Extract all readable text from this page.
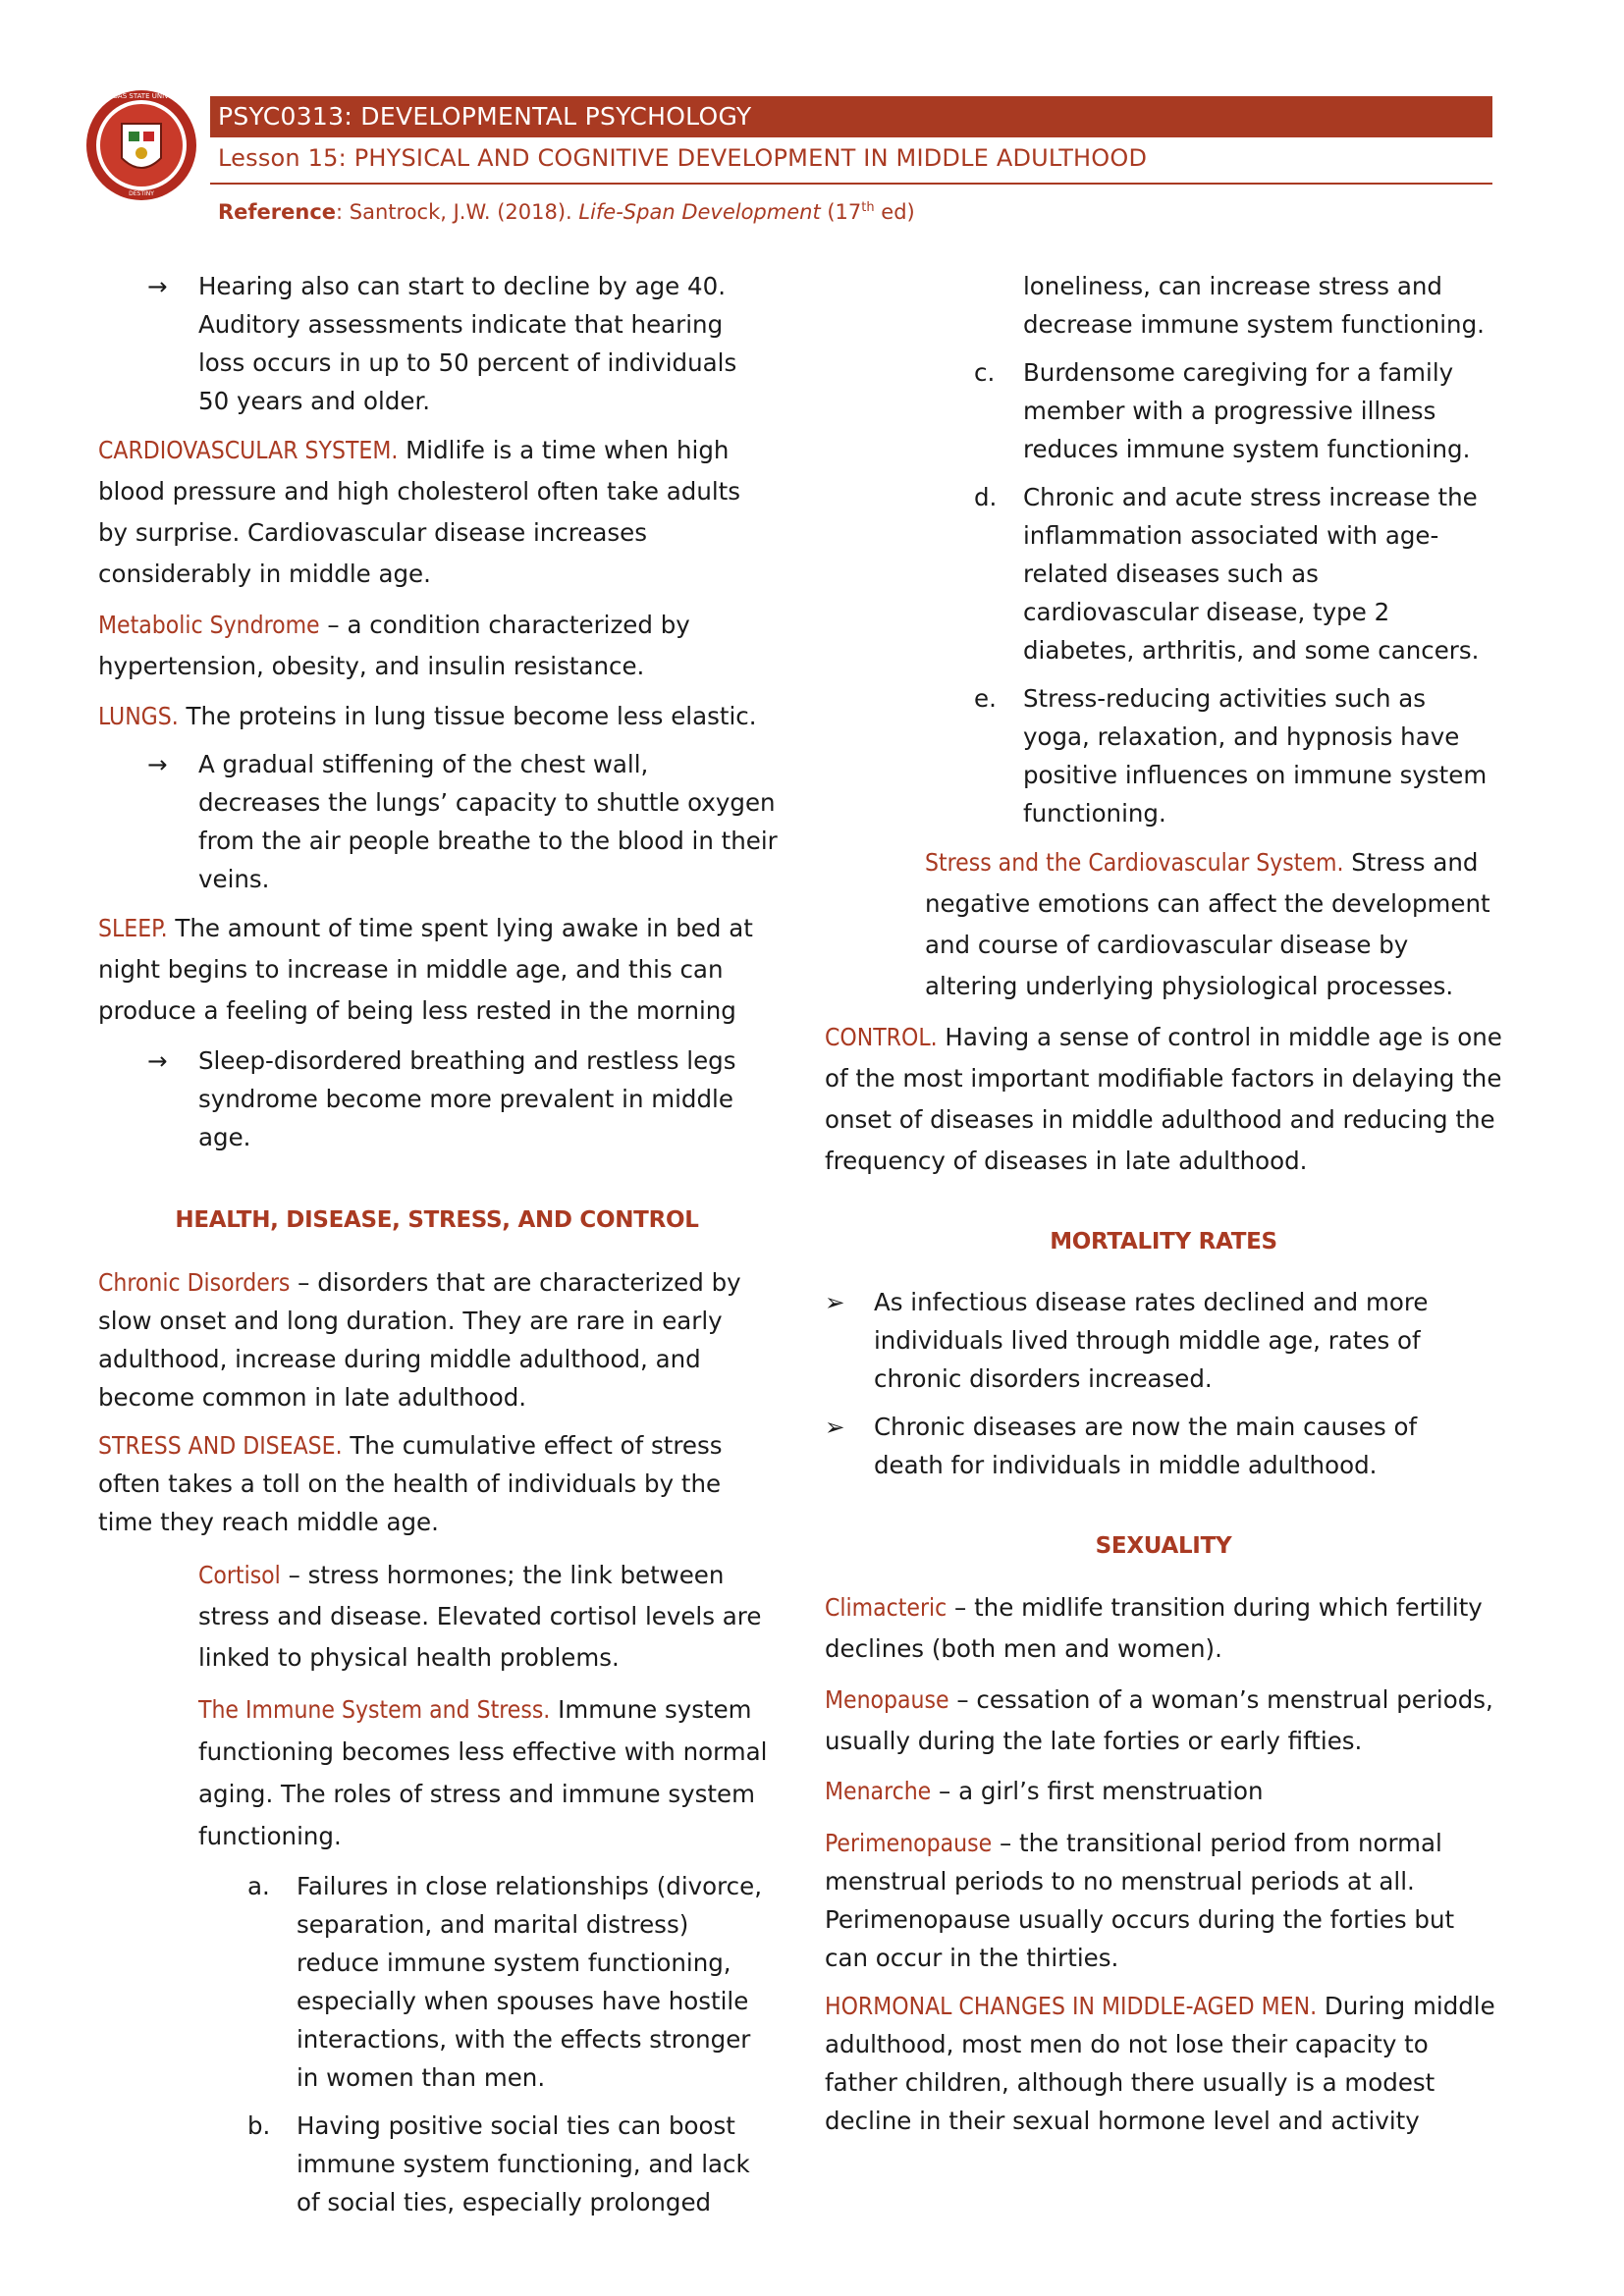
BATANGAS STATE UNIVERSITY
DESTINY
PSYC0313: DEVELOPMENTAL PSYCHOLOGY
Lesson 15: PHYSICAL AND COGNITIVE DEVELOPMENT IN MIDDLE ADULTHOOD
Reference: Santrock, J.W. (2018). Life-Span Development (17th ed)
→ Hearing also can start to decline by age 40. Auditory assessments indicate that hearing loss occurs in up to 50 percent of individuals 50 years and older.

CARDIOVASCULAR SYSTEM. Midlife is a time when high blood pressure and high cholesterol often take adults by surprise. Cardiovascular disease increases considerably in middle age.

Metabolic Syndrome – a condition characterized by hypertension, obesity, and insulin resistance.

LUNGS. The proteins in lung tissue become less elastic.

→ A gradual stiffening of the chest wall, decreases the lungs’ capacity to shuttle oxygen from the air people breathe to the blood in their veins.

SLEEP. The amount of time spent lying awake in bed at night begins to increase in middle age, and this can produce a feeling of being less rested in the morning

→ Sleep-disordered breathing and restless legs syndrome become more prevalent in middle age.
HEALTH, DISEASE, STRESS, AND CONTROL

Chronic Disorders – disorders that are characterized by slow onset and long duration. They are rare in early adulthood, increase during middle adulthood, and become common in late adulthood.

STRESS AND DISEASE. The cumulative effect of stress often takes a toll on the health of individuals by the time they reach middle age.

Cortisol – stress hormones; the link between stress and disease. Elevated cortisol levels are linked to physical health problems.

The Immune System and Stress. Immune system functioning becomes less effective with normal aging. The roles of stress and immune system functioning.

a. Failures in close relationships (divorce, separation, and marital distress) reduce immune system functioning, especially when spouses have hostile interactions, with the effects stronger in women than men.
b. Having positive social ties can boost immune system functioning, and lack of social ties, especially prolonged

loneliness, can increase stress and decrease immune system functioning.

c. Burdensome caregiving for a family member with a progressive illness reduces immune system functioning.
d. Chronic and acute stress increase the inflammation associated with age-related diseases such as cardiovascular disease, type 2 diabetes, arthritis, and some cancers.
e. Stress-reducing activities such as yoga, relaxation, and hypnosis have positive influences on immune system functioning.

Stress and the Cardiovascular System. Stress and negative emotions can affect the development and course of cardiovascular disease by altering underlying physiological processes.

CONTROL. Having a sense of control in middle age is one of the most important modifiable factors in delaying the onset of diseases in middle adulthood and reducing the frequency of diseases in late adulthood.

MORTALITY RATES
➢ As infectious disease rates declined and more individuals lived through middle age, rates of chronic disorders increased.
➢ Chronic diseases are now the main causes of death for individuals in middle adulthood.
SEXUALITY

Climacteric – the midlife transition during which fertility declines (both men and women).

Menopause – cessation of a woman’s menstrual periods, usually during the late forties or early fifties.

Menarche – a girl’s first menstruation

Perimenopause – the transitional period from normal menstrual periods to no menstrual periods at all. Perimenopause usually occurs during the forties but can occur in the thirties.

HORMONAL CHANGES IN MIDDLE-AGED MEN. During middle adulthood, most men do not lose their capacity to father children, although there usually is a modest decline in their sexual hormone level and activity
